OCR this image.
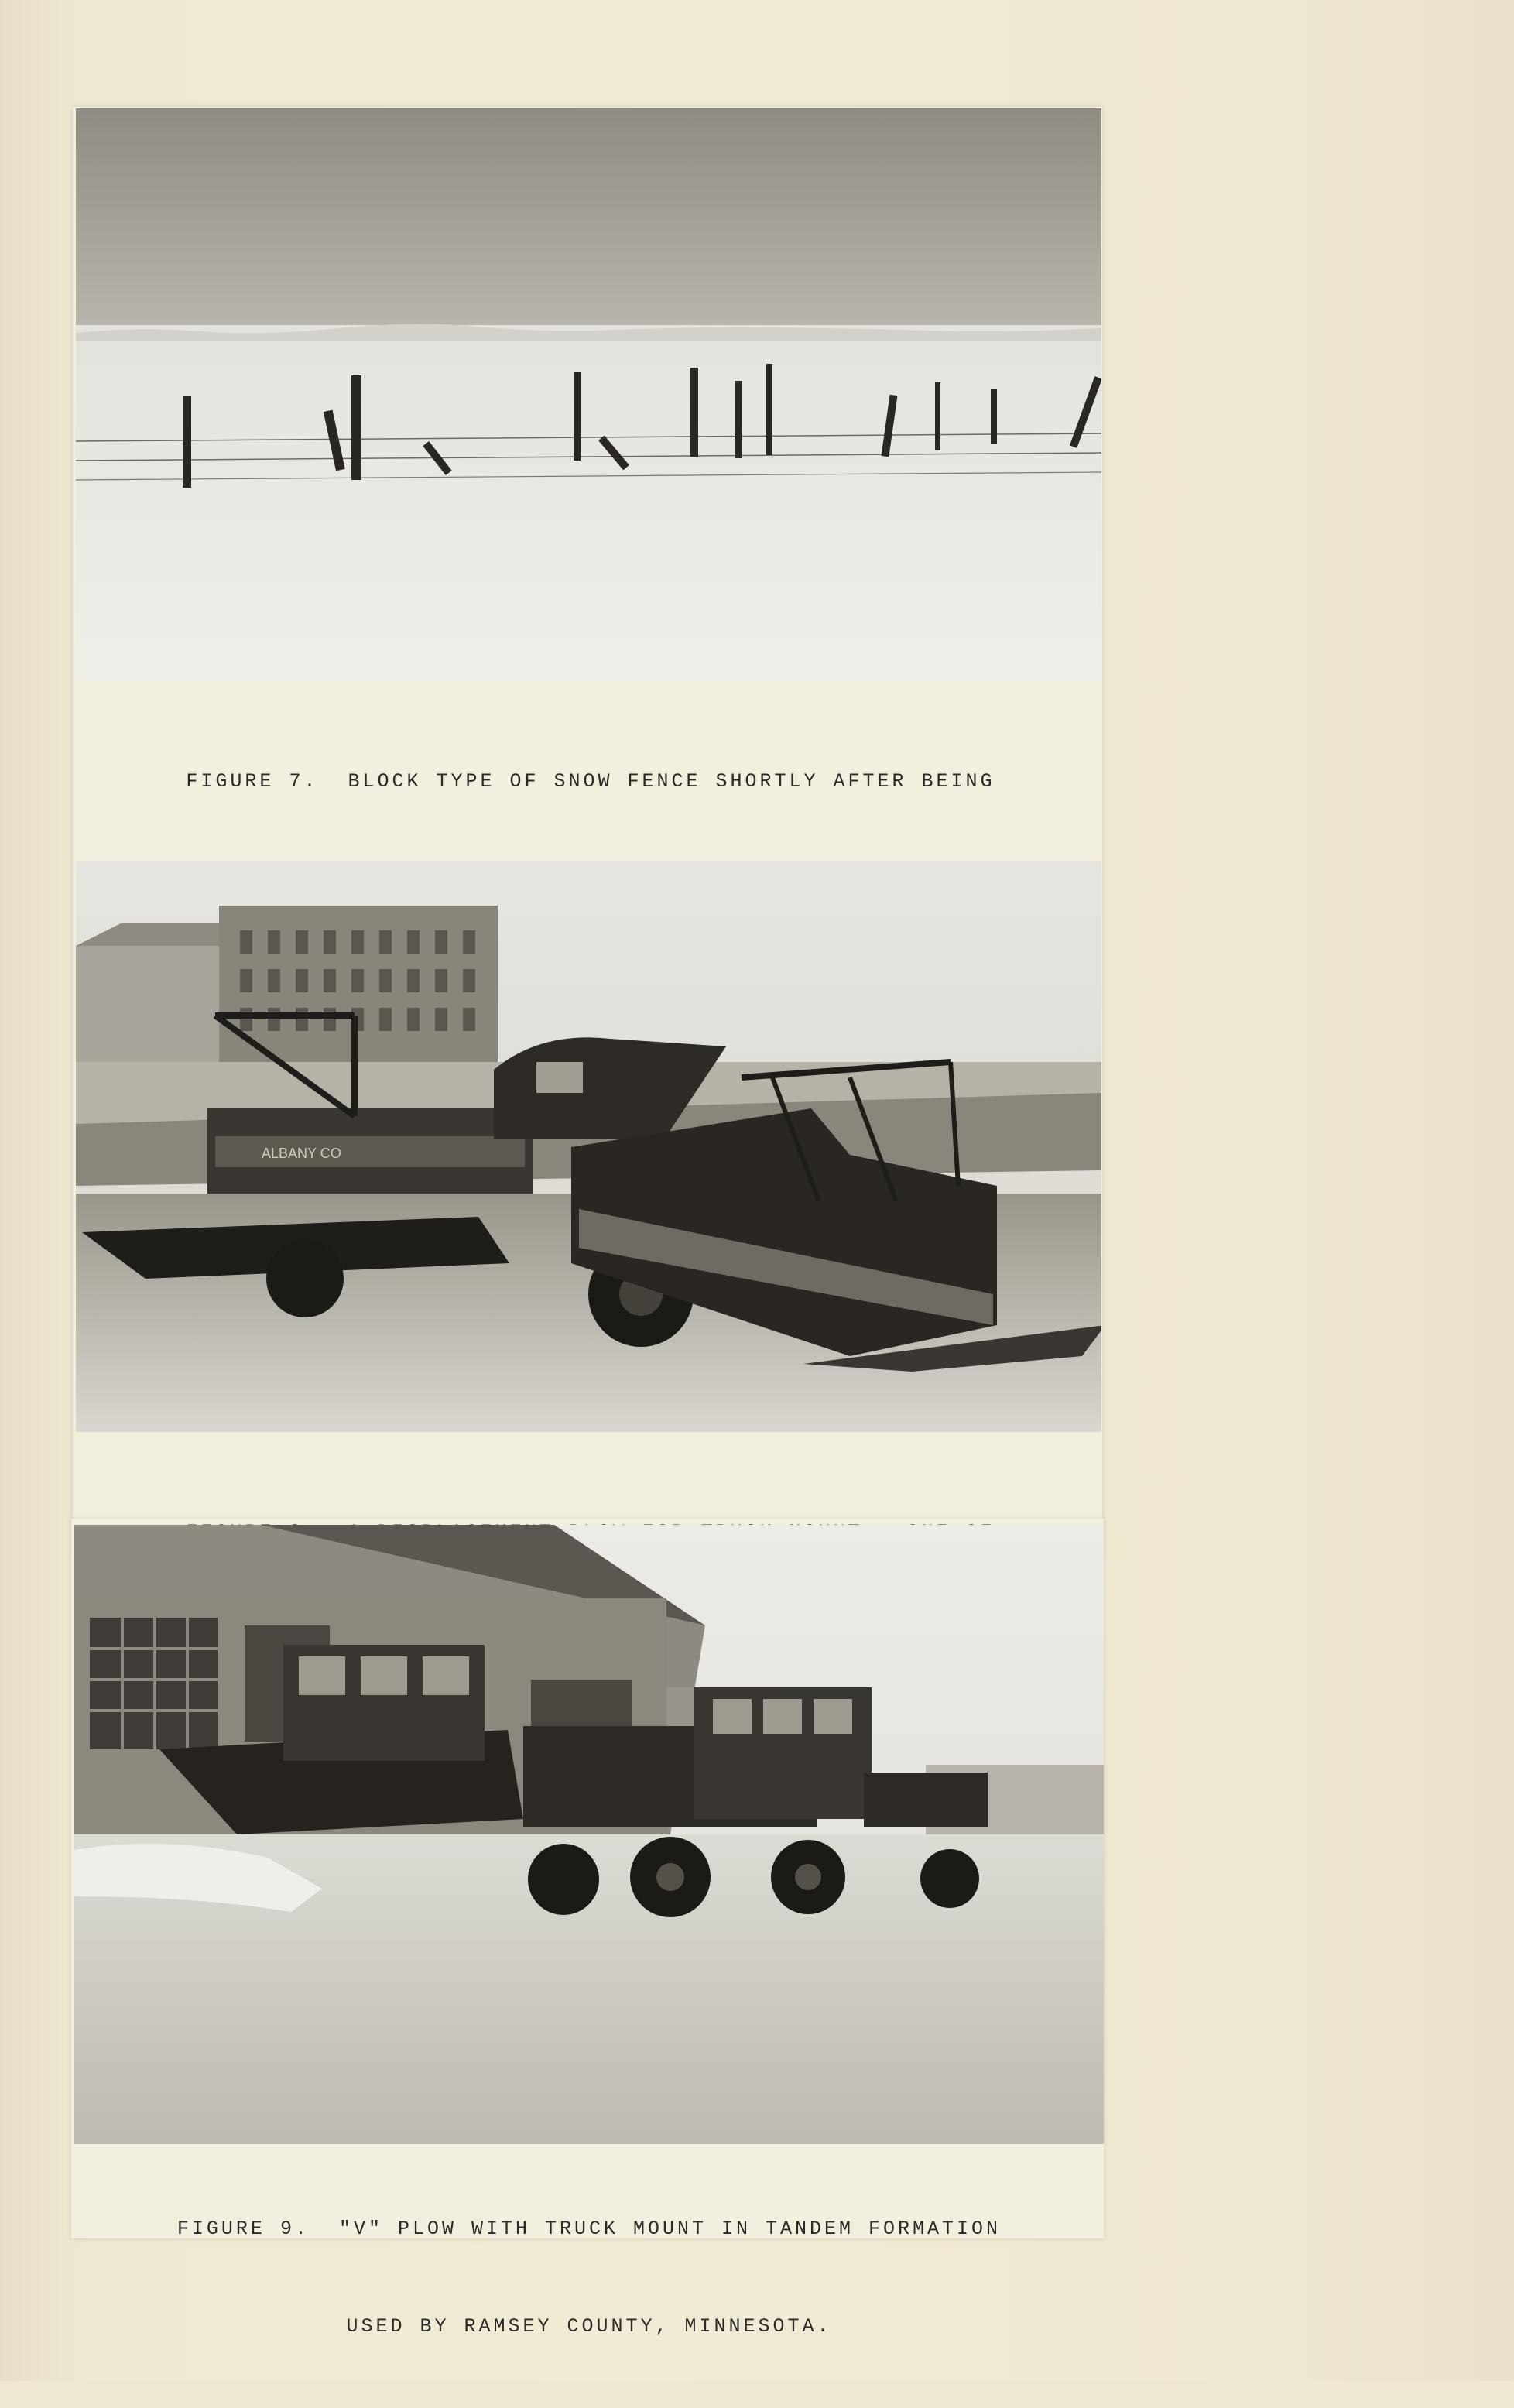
FIGURE 7. BLOCK TYPE OF SNOW FENCE SHORTLY AFTER BEING

ALBANY CO

FIGURE 9. "V" PLOW WITH TRUCK MOUNT IN TANDEM FORMATION

USED BY RAMSEY COUNTY, MINNESOTA.
